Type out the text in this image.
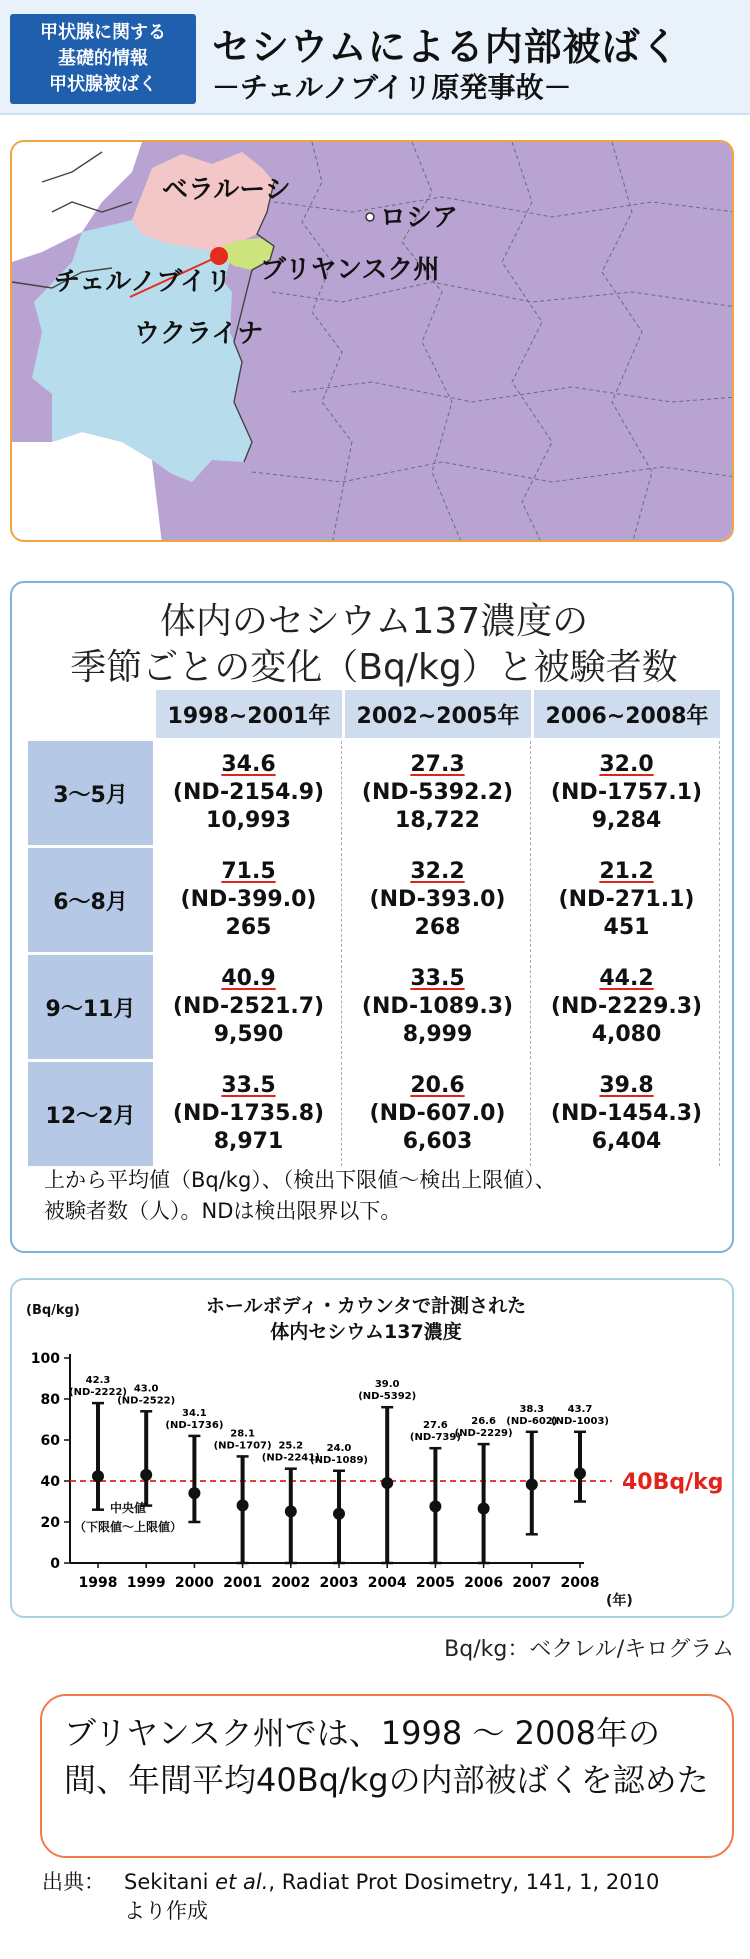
甲状腺に関する
基礎的情報
甲状腺被ばく
セシウムによる内部被ばく
－チェルノブイリ原発事故－
ベラルーシ
ロシア
チェルノブイリ ブリヤンスク州
ウクライナ
体内のセシウム137濃度の
季節ごとの変化（Bq/kg）と被験者数
	1998~2001年	2002~2005年	2006~2008年
3～5月	34.6
(ND-2154.9)
10,993	27.3
(ND-5392.2)
18,722	32.0
(ND-1757.1)
9,284

6～8月	71.5
(ND-399.0)
265	32.2
(ND-393.0)
268	21.2
(ND-271.1)
451

9～11月	40.9
(ND-2521.7)
9,590	33.5
(ND-1089.3)
8,999	44.2
(ND-2229.3)
4,080

12～2月	33.5
(ND-1735.8)
8,971	20.6
(ND-607.0)
6,603	39.8
(ND-1454.3)
6,404
上から平均値（Bq/kg）、（検出下限値～検出上限値）、
被験者数（人）。NDは検出限界以下。
ホールボディ・カウンタで計測された
体内セシウム137濃度
(Bq/kg)
(年)
中央値
（下限値～上限値）
0
20
40
60
80
100
40Bq/kg
1998
42.3
(ND-2222)
1999
43.0
(ND-2522)
2000
34.1
(ND-1736)
2001
28.1
(ND-1707)
2002
25.2
(ND-2241)
2003
24.0
(ND-1089)
2004
39.0
(ND-5392)
2005
27.6
(ND-739)
2006
26.6
(ND-2229)
2007
38.3
(ND-602)
2008
43.7
(ND-1003)
Bq/kg：ベクレル/キログラム
ブリヤンスク州では、1998 ～ 2008年の間、年間平均40Bq/kgの内部被ばくを認めた
出典： Sekitani et al., Radiat Prot Dosimetry, 141, 1, 2010
より作成
